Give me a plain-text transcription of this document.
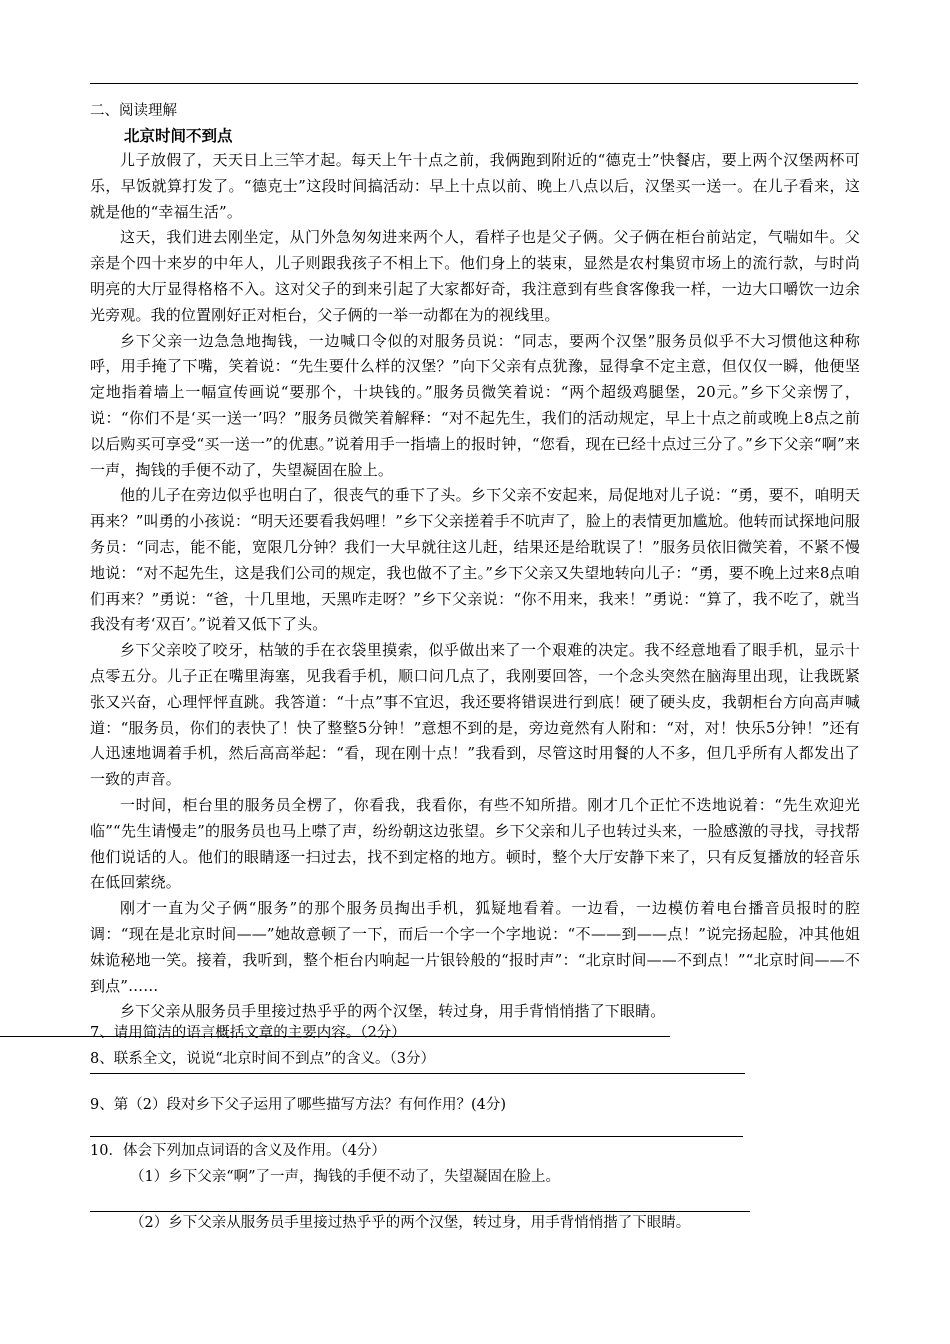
二、阅读理解
北京时间不到点

儿子放假了，天天日上三竿才起。每天上午十点之前，我俩跑到附近的“德克士”快餐店，要上两个汉堡两杯可乐，早饭就算打发了。“德克士”这段时间搞活动：早上十点以前、晚上八点以后，汉堡买一送一。在儿子看来，这就是他的“幸福生活”。

这天，我们进去刚坐定，从门外急匆匆进来两个人，看样子也是父子俩。父子俩在柜台前站定，气喘如牛。父亲是个四十来岁的中年人，儿子则跟我孩子不相上下。他们身上的装束，显然是农村集贸市场上的流行款，与时尚明亮的大厅显得格格不入。这对父子的到来引起了大家都好奇，我注意到有些食客像我一样，一边大口嚼饮一边余光旁观。我的位置刚好正对柜台，父子俩的一举一动都在为的视线里。

乡下父亲一边急急地掏钱，一边喊口令似的对服务员说：“同志，要两个汉堡”服务员似乎不大习惯他这种称呼，用手掩了下嘴，笑着说：“先生要什么样的汉堡？”向下父亲有点犹豫，显得拿不定主意，但仅仅一瞬，他便坚定地指着墙上一幅宣传画说“要那个，十块钱的。”服务员微笑着说：“两个超级鸡腿堡，20元。”乡下父亲愣了，说：“你们不是‘买一送一’吗？”服务员微笑着解释：“对不起先生，我们的活动规定，早上十点之前或晚上8点之前以后购买可享受“买一送一”的优惠。”说着用手一指墙上的报时钟，“您看，现在已经十点过三分了。”乡下父亲“啊”来一声，掏钱的手便不动了，失望凝固在脸上。

他的儿子在旁边似乎也明白了，很丧气的垂下了头。乡下父亲不安起来，局促地对儿子说：“勇，要不，咱明天再来？”叫勇的小孩说：“明天还要看我妈哩！”乡下父亲搓着手不吭声了，脸上的表情更加尴尬。他转而试探地问服务员：“同志，能不能，宽限几分钟？我们一大早就往这儿赶，结果还是给耽误了！”服务员依旧微笑着，不紧不慢地说：“对不起先生，这是我们公司的规定，我也做不了主。”乡下父亲又失望地转向儿子：“勇，要不晚上过来8点咱们再来？”勇说：“爸，十几里地，天黑咋走呀？”乡下父亲说：“你不用来，我来！”勇说：“算了，我不吃了，就当我没有考‘双百’。”说着又低下了头。

乡下父亲咬了咬牙，枯皱的手在衣袋里摸索，似乎做出来了一个艰难的决定。我不经意地看了眼手机，显示十点零五分。儿子正在嘴里海塞，见我看手机，顺口问几点了，我刚要回答，一个念头突然在脑海里出现，让我既紧张又兴奋，心理怦怦直跳。我答道：“十点”事不宜迟，我还要将错误进行到底！硬了硬头皮，我朝柜台方向高声喊道：“服务员，你们的表快了！快了整整5分钟！”意想不到的是，旁边竟然有人附和：“对，对！快乐5分钟！”还有人迅速地调着手机，然后高高举起：“看，现在刚十点！”我看到，尽管这时用餐的人不多，但几乎所有人都发出了一致的声音。

一时间，柜台里的服务员全楞了，你看我，我看你，有些不知所措。刚才几个正忙不迭地说着：“先生欢迎光临”“先生请慢走”的服务员也马上噤了声，纷纷朝这边张望。乡下父亲和儿子也转过头来，一脸感激的寻找，寻找帮他们说话的人。他们的眼睛逐一扫过去，找不到定格的地方。顿时，整个大厅安静下来了，只有反复播放的轻音乐在低回萦绕。

刚才一直为父子俩“服务”的那个服务员掏出手机，狐疑地看着。一边看，一边模仿着电台播音员报时的腔调：“现在是北京时间——”她故意顿了一下，而后一个字一个字地说：“不——到——点！”说完扬起脸，冲其他姐妹诡秘地一笑。接着，我听到，整个柜台内响起一片银铃般的“报时声”：“北京时间——不到点！”“北京时间——不到点”……

乡下父亲从服务员手里接过热乎乎的两个汉堡，转过身，用手背悄悄揩了下眼睛。

7、请用简洁的语言概括文章的主要内容。（2分）
8、联系全文，说说“北京时间不到点”的含义。（3分）
9、第（2）段对乡下父子运用了哪些描写方法？有何作用？(4分)
10．体会下列加点词语的含义及作用。（4分）
（1）乡下父亲“啊”了一声，掏钱的手便不动了，失望凝固在脸上。
（2）乡下父亲从服务员手里接过热乎乎的两个汉堡，转过身，用手背悄悄揩了下眼睛。
